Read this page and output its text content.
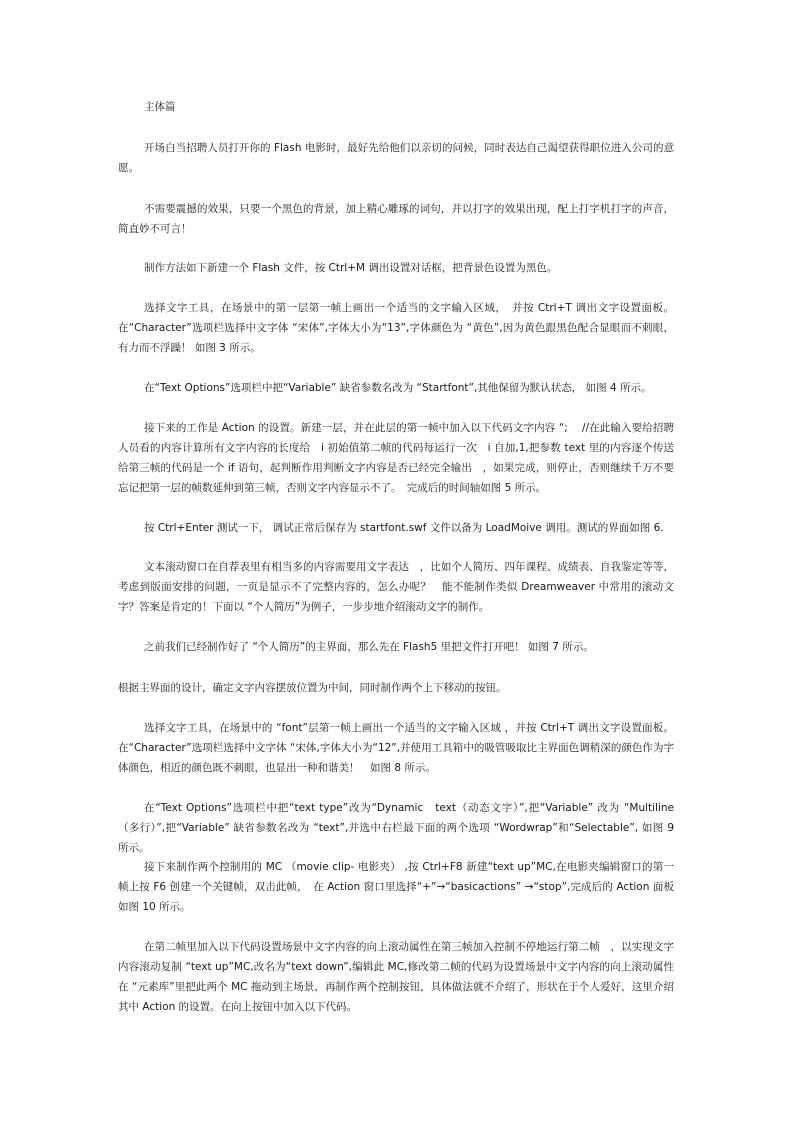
主体篇

开场白当招聘人员打开你的 Flash 电影时，最好先给他们以亲切的问候，同时表达自己渴望获得职位进入公司的意愿。

不需要震撼的效果，只要一个黑色的背景，加上精心雕琢的词句，并以打字的效果出现，配上打字机打字的声音，简直妙不可言！

制作方法如下新建一个 Flash 文件，按 Ctrl+M 调出设置对话框，把背景色设置为黑色。

选择文字工具，在场景中的第一层第一帧上画出一个适当的文字输入区域，　并按 Ctrl+T 调出文字设置面板。在“Character”选项栏选择中文字体 “宋体”,字体大小为“13”,字体颜色为 “黄色”,因为黄色跟黑色配合显眼而不刺眼，有力而不浮躁！ 如图 3 所示。

在“Text Options”选项栏中把“Variable” 缺省参数名改为 “Startfont”,其他保留为默认状态， 如图 4 所示。

接下来的工作是 Action 的设置。新建一层，并在此层的第一帧中加入以下代码文字内容 “;　 //在此输入要给招聘人员看的内容计算所有文字内容的长度给　i 初始值第二帧的代码每运行一次　i 自加,1,把参数 text 里的内容逐个传送给第三帧的代码是一个 if 语句，起判断作用判断文字内容是否已经完全输出　，如果完成，则停止，否则继续千万不要忘记把第一层的帧数延伸到第三帧，否则文字内容显示不了。　完成后的时间轴如图 5 所示。

按 Ctrl+Enter 测试一下， 调试正常后保存为 startfont.swf 文件以备为 LoadMoive 调用。测试的界面如图 6.

文本滚动窗口在自荐表里有相当多的内容需要用文字表达　，比如个人简历、四年课程、成绩表、自我鉴定等等，考虑到版面安排的问题，一页是显示不了完整内容的，怎么办呢？　能不能制作类似 Dreamweaver 中常用的滚动文字？答案是肯定的！下面以 “个人简历”为例子，一步步地介绍滚动文字的制作。

之前我们已经制作好了 “个人简历”的主界面，那么先在 Flash5 里把文件打开吧！ 如图 7 所示。

根据主界面的设计，确定文字内容摆放位置为中间，同时制作两个上下移动的按钮。

选择文字工具，在场景中的 “font”层第一帧上画出一个适当的文字输入区域 ，并按 Ctrl+T 调出文字设置面板。在“Character”选项栏选择中文字体 “宋体,字体大小为“12”,并使用工具箱中的吸管吸取比主界面色调稍深的颜色作为字体颜色，相近的颜色既不刺眼，也显出一种和谐美！　如图 8 所示。

在“Text Options”选项栏中把“text type”改为“Dynamic　text（动态文字）”,把“Variable” 改为 “Multiline　（多行）”,把“Variable” 缺省参数名改为 “text”,并选中右栏最下面的两个选项 “Wordwrap”和“Selectable”, 如图 9 所示。

接下来制作两个控制用的 MC （movie clip- 电影夹） ,按 Ctrl+F8 新建“text up”MC,在电影夹编辑窗口的第一帧上按 F6 创建一个关键帧，双击此帧，　在 Action 窗口里选择“+”→“basicactions” →“stop”,完成后的 Action 面板如图 10 所示。

在第二帧里加入以下代码设置场景中文字内容的向上滚动属性在第三帧加入控制不停地运行第二帧　，以实现文字内容滚动复制 “text up”MC,改名为“text down”,编辑此 MC,修改第二帧的代码为设置场景中文字内容的向上滚动属性在 “元素库”里把此两个 MC 拖动到主场景，再制作两个控制按钮，具体做法就不介绍了，形状在于个人爱好，这里介绍其中 Action 的设置。在向上按钮中加入以下代码。
